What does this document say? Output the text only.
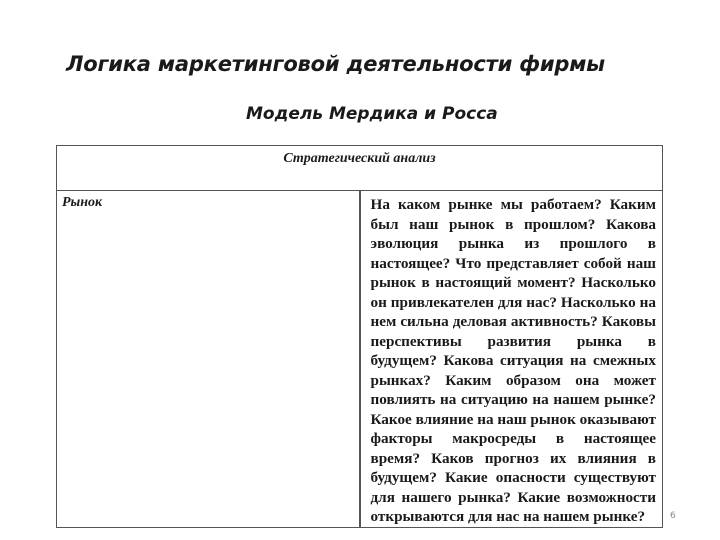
Логика маркетинговой деятельности фирмы
Модель Мердика и Росса
Стратегический анализ
Рынок	На каком рынке мы работаем? Каким был наш рынок в прошлом? Какова эволюция рынка из прошлого в настоящее? Что представляет собой наш рынок в настоящий момент? Насколько он привлекателен для нас? Насколько на нем сильна деловая активность? Каковы перспективы развития рынка в будущем? Какова ситуация на смежных рынках? Каким образом она может повлиять на ситуацию на нашем рынке? Какое влияние на наш рынок оказывают факторы макросреды в настоящее время? Каков прогноз их влияния в будущем? Какие опасности существуют для нашего рынка? Какие возможности открываются для нас на нашем рынке?	6
